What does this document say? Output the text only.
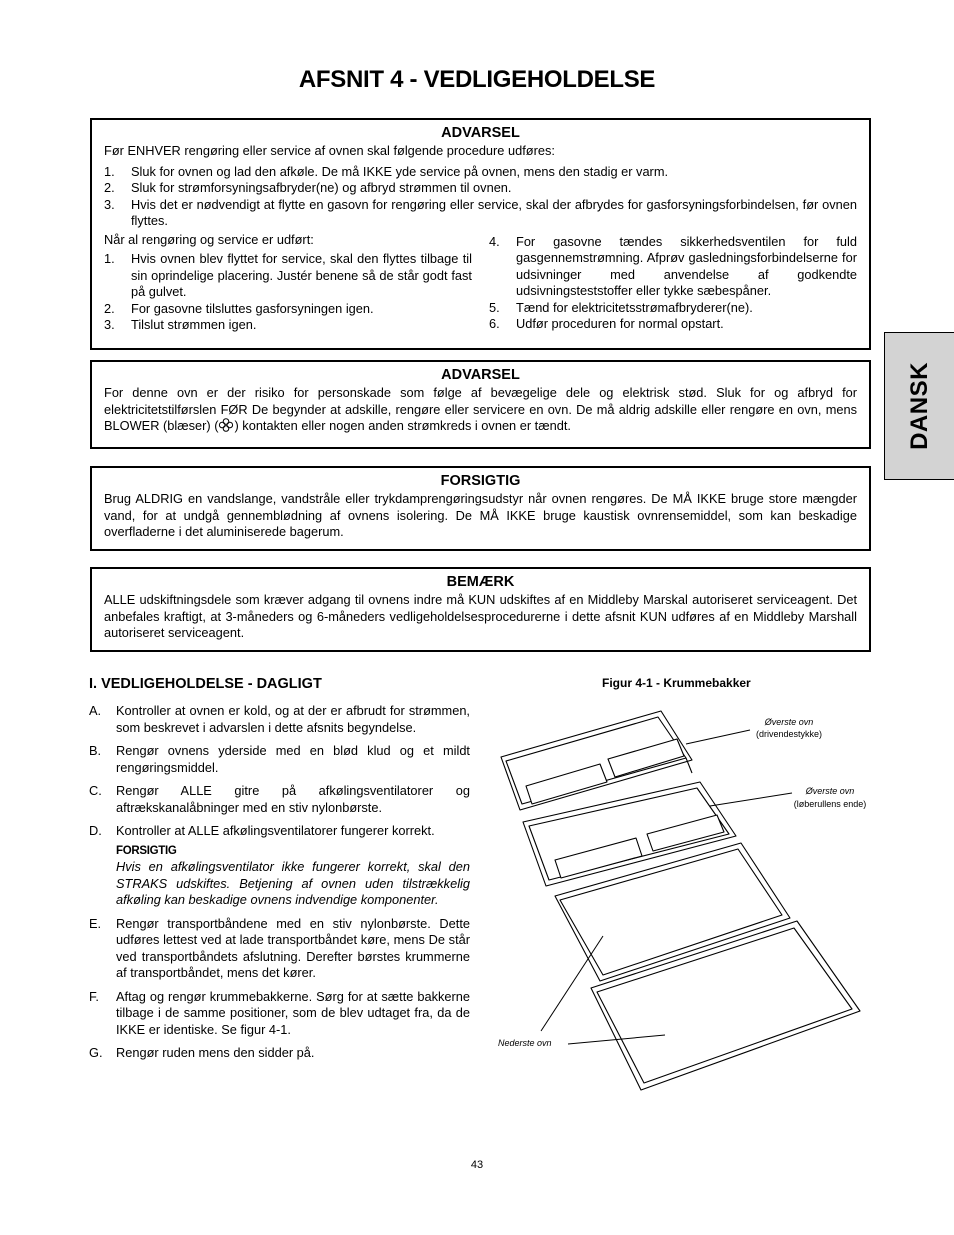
AFSNIT 4 - VEDLIGEHOLDELSE
DANSK
ADVARSEL

Før ENHVER rengøring eller service af ovnen skal følgende procedure udføres:

1. Sluk for ovnen og lad den afkøle. De må IKKE yde service på ovnen, mens den stadig er varm.
2. Sluk for strømforsyningsafbryder(ne) og afbryd strømmen til ovnen.
3. Hvis det er nødvendigt at flytte en gasovn for rengøring eller service, skal der afbrydes for gasforsyningsforbindelsen, før ovnen flyttes.

Når al rengøring og service er udført:

1. Hvis ovnen blev flyttet for service, skal den flyttes tilbage til sin oprindelige placering. Justér benene så de står godt fast på gulvet.
2. For gasovne tilsluttes gasforsyningen igen.
3. Tilslut strømmen igen.
4. For gasovne tændes sikkerhedsventilen for fuld gasgennemstrømning. Afprøv gasledningsforbindelserne for udsivninger med anvendelse af godkendte udsivningsteststoffer eller tykke sæbespåner.
5. Tænd for elektricitetsstrømafbryderer(ne).
6. Udfør proceduren for normal opstart.
ADVARSEL

For denne ovn er der risiko for personskade som følge af bevægelige dele og elektrisk stød. Sluk for og afbryd for elektricitetstilførslen FØR De begynder at adskille, rengøre eller servicere en ovn. De må aldrig adskille eller rengøre en ovn, mens BLOWER (blæser) ( ) kontakten eller nogen anden strømkreds i ovnen er tændt.

FORSIGTIG

Brug ALDRIG en vandslange, vandstråle eller trykdamprengøringsudstyr når ovnen rengøres. De MÅ IKKE bruge store mængder vand, for at undgå gennemblødning af ovnens isolering. De MÅ IKKE bruge kaustisk ovnrensemiddel, som kan beskadige overfladerne i det aluminiserede bagerum.

BEMÆRK

ALLE udskiftningsdele som kræver adgang til ovnens indre må KUN udskiftes af en Middleby Marskal autoriseret serviceagent. Det anbefales kraftigt, at 3-måneders og 6-måneders vedligeholdelsesprocedurerne i dette afsnit KUN udføres af en Middleby Marshall autoriseret serviceagent.

I. VEDLIGEHOLDELSE - DAGLIGT
A. Kontroller at ovnen er kold, og at der er afbrudt for strømmen, som beskrevet i advarslen i dette afsnits begyndelse.
B. Rengør ovnens yderside med en blød klud og et mildt rengøringsmiddel.
C. Rengør ALLE gitre på afkølingsventilatorer og aftrækskanalåbninger med en stiv nylonbørste.
D. Kontroller at ALLE afkølingsventilatorer fungerer korrekt.
FORSIGTIG
Hvis en afkølingsventilator ikke fungerer korrekt, skal den STRAKS udskiftes. Betjening af ovnen uden tilstrækkelig afkøling kan beskadige ovnens indvendige komponenter.
E. Rengør transportbåndene med en stiv nylonbørste. Dette udføres lettest ved at lade transportbåndet køre, mens De står ved transportbåndets afslutning. Derefter børstes krummerne af transportbåndet, mens det kører.
F. Aftag og rengør krummebakkerne. Sørg for at sætte bakkerne tilbage i de samme positioner, som de blev udtaget fra, da de IKKE er identiske. Se figur 4-1.
G. Rengør ruden mens den sidder på.
Figur 4-1 - Krummebakker
Øverste ovn
(drivendestykke)
Øverste ovn
(løberullens ende)
Nederste ovn
43
